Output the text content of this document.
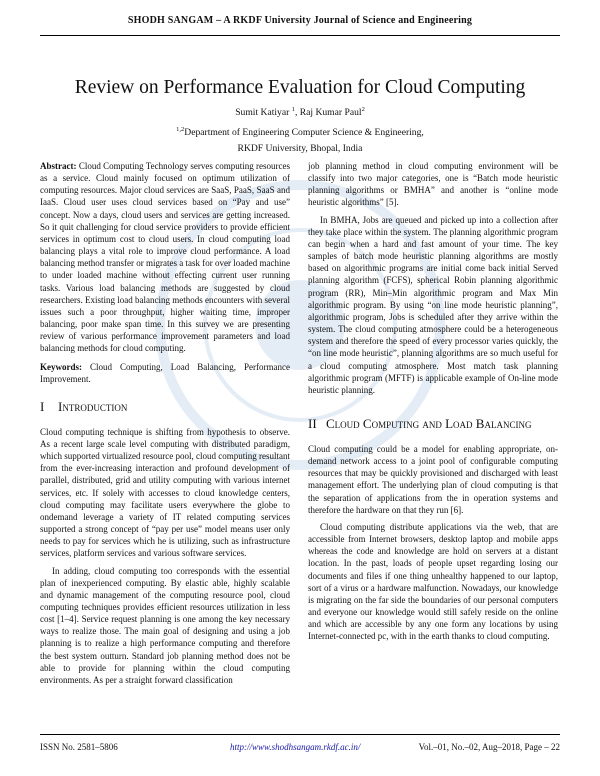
SHODH SANGAM – A RKDF University Journal of Science and Engineering
Review on Performance Evaluation for Cloud Computing
Sumit Katiyar $^1$, Raj Kumar Paul$^2$
$^{1,2}$Department of Engineering Computer Science & Engineering,
RKDF University, Bhopal, India

Abstract: Cloud Computing Technology serves computing resources as a service. Cloud mainly focused on optimum utilization of computing resources. Major cloud services are SaaS, PaaS, SaaS and IaaS. Cloud user uses cloud services based on “Pay and use” concept. Now a days, cloud users and services are getting increased. So it quit challenging for cloud service providers to provide efficient services in optimum cost to cloud users. In cloud computing load balancing plays a vital role to improve cloud performance. A load balancing method transfer or migrates a task for over loaded machine to under loaded machine without effecting current user running tasks. Various load balancing methods are suggested by cloud researchers. Existing load balancing methods encounters with several issues such a poor throughput, higher waiting time, improper balancing, poor make span time. In this survey we are presenting review of various performance improvement parameters and load balancing methods for cloud computing.

Keywords: Cloud Computing, Load Balancing, Performance Improvement.

I Introduction

Cloud computing technique is shifting from hypothesis to observe. As a recent large scale level computing with distributed paradigm, which supported virtualized resource pool, cloud computing resultant from the ever-increasing interaction and profound development of parallel, distributed, grid and utility computing with various internet services, etc. If solely with accesses to cloud knowledge centers, cloud computing may facilitate users everywhere the globe to ondemand leverage a variety of IT related computing services supported a strong concept of “pay per use” model means user only needs to pay for services which he is utilizing, such as infrastructure services, platform services and various software services.

In adding, cloud computing too corresponds with the essential plan of inexperienced computing. By elastic able, highly scalable and dynamic management of the computing resource pool, cloud computing techniques provides efficient resources utilization in less cost [1–4]. Service request planning is one among the key necessary ways to realize those. The main goal of designing and using a job planning is to realize a high performance computing and therefore the best system outturn. Standard job planning method does not be able to provide for planning within the cloud computing environments. As per a straight forward classification

job planning method in cloud computing environment will be classify into two major categories, one is “Batch mode heuristic planning algorithms or BMHA” and another is “online mode heuristic algorithms” [5].

In BMHA, Jobs are queued and picked up into a collection after they take place within the system. The planning algorithmic program can begin when a hard and fast amount of your time. The key samples of batch mode heuristic planning algorithms are mostly based on algorithmic programs are initial come back initial Served planning algorithm (FCFS), spherical Robin planning algorithmic program (RR), Min–Min algorithmic program and Max Min algorithmic program. By using “on line mode heuristic planning”, algorithmic program, Jobs is scheduled after they arrive within the system. The cloud computing atmosphere could be a heterogeneous system and therefore the speed of every processor varies quickly, the “on line mode heuristic”, planning algorithms are so much useful for a cloud computing atmosphere. Most match task planning algorithmic program (MFTF) is applicable example of On-line mode heuristic planning.

II Cloud Computing and Load Balancing

Cloud computing could be a model for enabling appropriate, on-demand network access to a joint pool of configurable computing resources that may be quickly provisioned and discharged with least management effort. The underlying plan of cloud computing is that the separation of applications from the in operation systems and therefore the hardware on that they run [6].

Cloud computing distribute applications via the web, that are accessible from Internet browsers, desktop laptop and mobile apps whereas the code and knowledge are hold on servers at a distant location. In the past, loads of people upset regarding losing our documents and files if one thing unhealthy happened to our laptop, sort of a virus or a hardware malfunction. Nowadays, our knowledge is migrating on the far side the boundaries of our personal computers and everyone our knowledge would still safely reside on the online and which are accessible by any one form any locations by using Internet-connected pc, with in the earth thanks to cloud computing.

ISSN No. 2581–5806	http://www.shodhsangam.rkdf.ac.in/	Vol.–01, No.–02, Aug–2018, Page – 22
